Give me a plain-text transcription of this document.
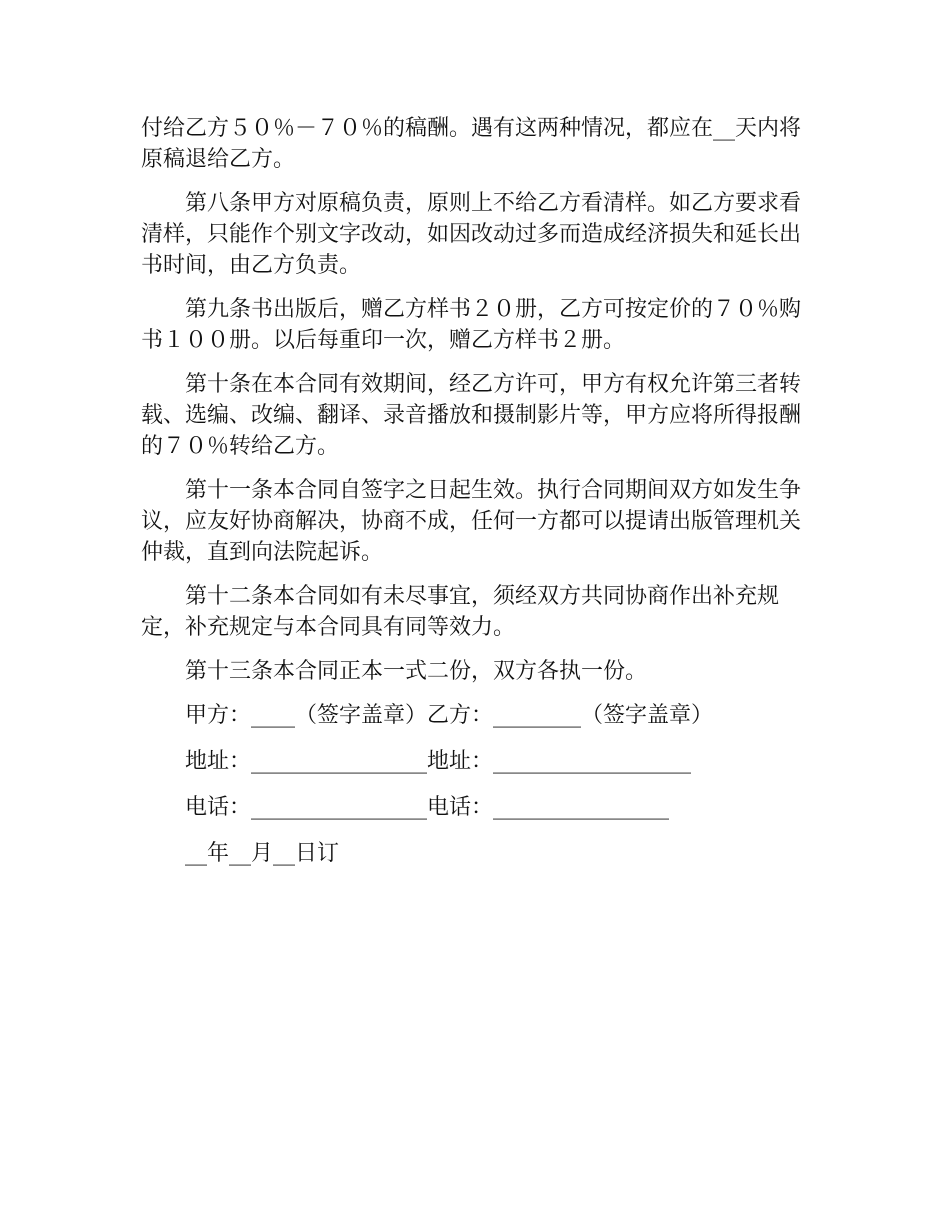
付给乙方５０％－７０％的稿酬。遇有这两种情况，都应在__天内将原稿退给乙方。

第八条甲方对原稿负责，原则上不给乙方看清样。如乙方要求看清样，只能作个别文字改动，如因改动过多而造成经济损失和延长出书时间，由乙方负责。

第九条书出版后，赠乙方样书２０册，乙方可按定价的７０％购书１００册。以后每重印一次，赠乙方样书２册。

第十条在本合同有效期间，经乙方许可，甲方有权允许第三者转载、选编、改编、翻译、录音播放和摄制影片等，甲方应将所得报酬的７０％转给乙方。

第十一条本合同自签字之日起生效。执行合同期间双方如发生争议，应友好协商解决，协商不成，任何一方都可以提请出版管理机关仲裁，直到向法院起诉。

第十二条本合同如有未尽事宜，须经双方共同协商作出补充规定，补充规定与本合同具有同等效力。

第十三条本合同正本一式二份，双方各执一份。

甲方：____（签字盖章）乙方：________（签字盖章）
地址：________________地址：__________________
电话：________________电话：________________
__年__月__日订
